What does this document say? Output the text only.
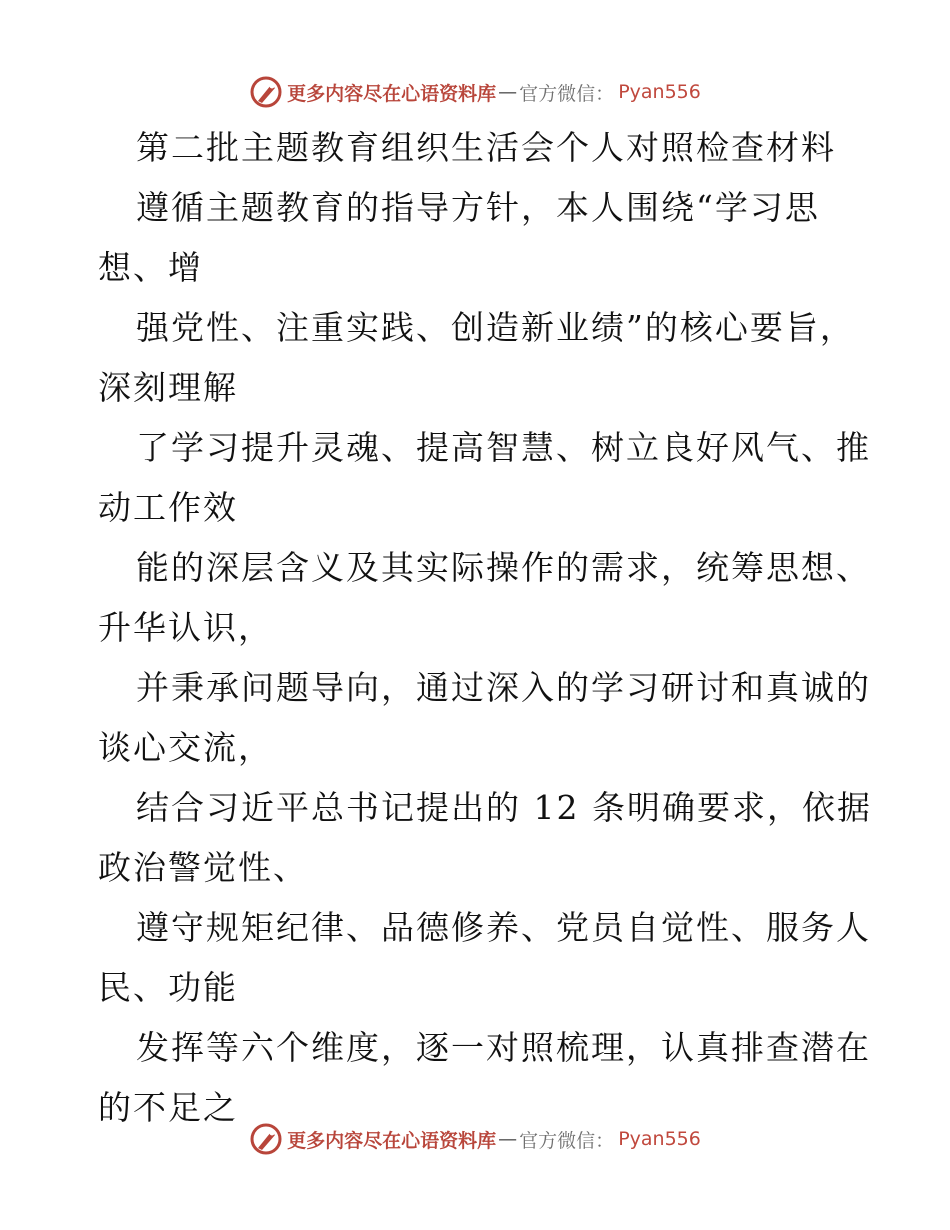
更多内容尽在心语资料库 — 官方微信： Pyan556
第二批主题教育组织生活会个人对照检查材料
遵循主题教育的指导方针，本人围绕“学习思
想、增
强党性、注重实践、创造新业绩”的核心要旨，
深刻理解
了学习提升灵魂、提高智慧、树立良好风气、推
动工作效
能的深层含义及其实际操作的需求，统筹思想、
升华认识，
并秉承问题导向，通过深入的学习研讨和真诚的
谈心交流，
结合习近平总书记提出的 12 条明确要求，依据
政治警觉性、
遵守规矩纪律、品德修养、党员自觉性、服务人
民、功能
发挥等六个维度，逐一对照梳理，认真排查潜在
的不足之
更多内容尽在心语资料库 — 官方微信： Pyan556
